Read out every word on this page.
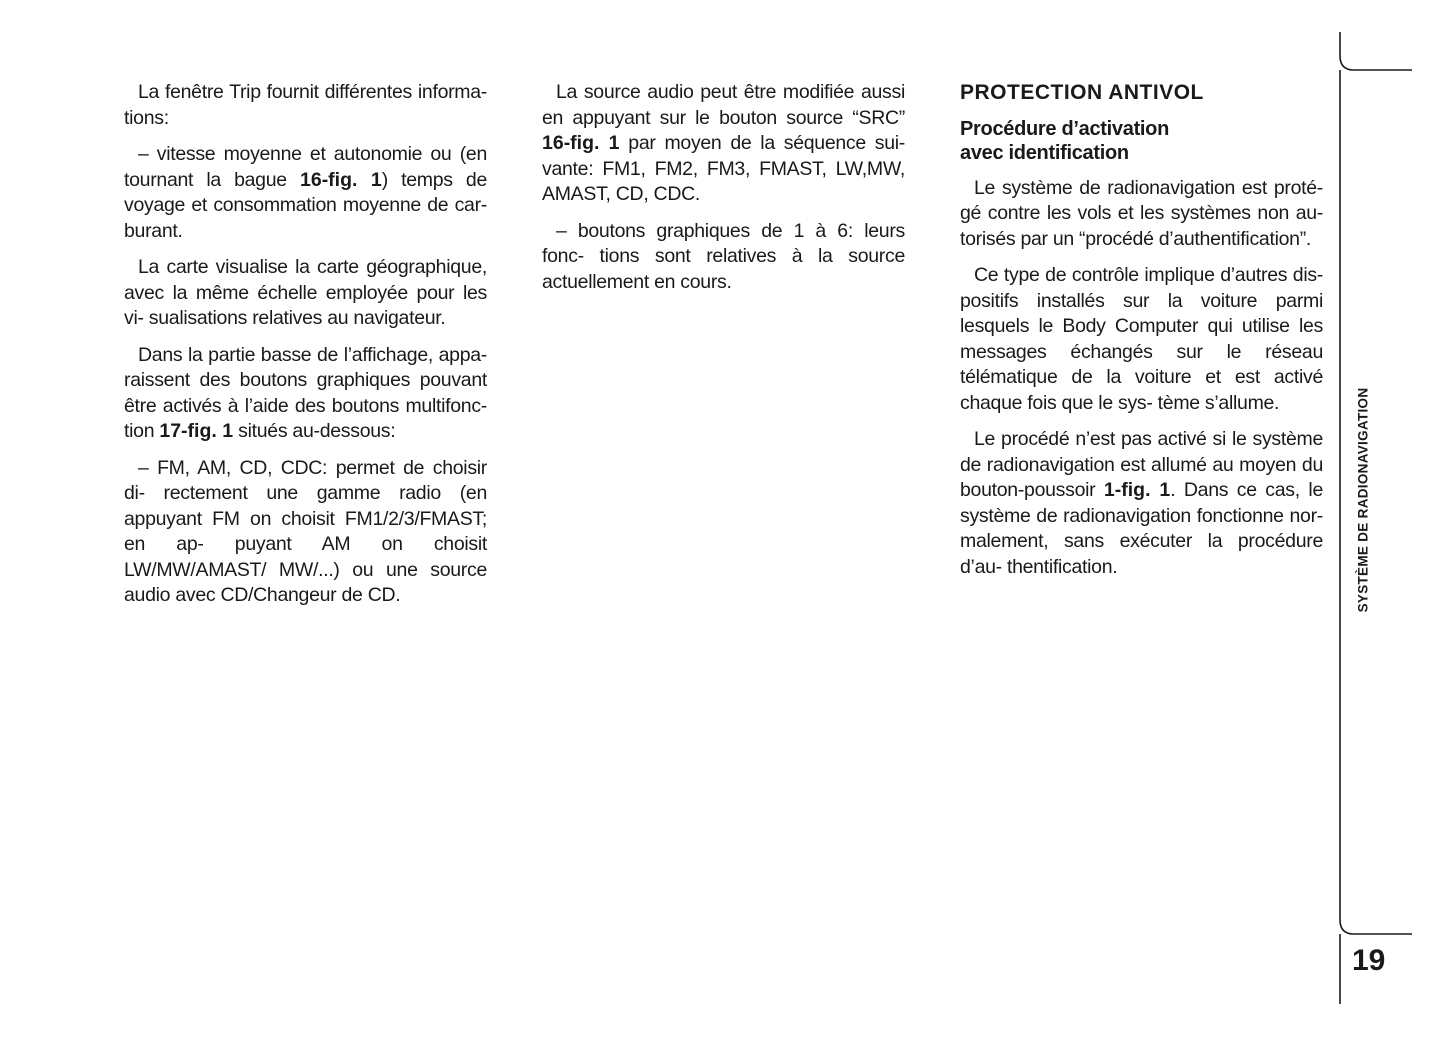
La fenêtre Trip fournit différentes informa- tions:

– vitesse moyenne et autonomie ou (en tournant la bague 16-fig. 1) temps de voyage et consommation moyenne de car- burant.

La carte visualise la carte géographique, avec la même échelle employée pour les vi- sualisations relatives au navigateur.

Dans la partie basse de l’affichage, appa- raissent des boutons graphiques pouvant être activés à l’aide des boutons multifonc- tion 17-fig. 1 situés au-dessous:

– FM, AM, CD, CDC: permet de choisir di- rectement une gamme radio (en appuyant FM on choisit FM1/2/3/FMAST; en ap- puyant AM on choisit LW/MW/AMAST/ MW/...) ou une source audio avec CD/Changeur de CD.

La source audio peut être modifiée aussi en appuyant sur le bouton source “SRC” 16-fig. 1 par moyen de la séquence sui- vante: FM1, FM2, FM3, FMAST, LW,MW, AMAST, CD, CDC.

– boutons graphiques de 1 à 6: leurs fonc- tions sont relatives à la source actuellement en cours.

PROTECTION ANTIVOL

Procédure d’activation
avec identification

Le système de radionavigation est proté- gé contre les vols et les systèmes non au- torisés par un “procédé d’authentification”.

Ce type de contrôle implique d’autres dis- positifs installés sur la voiture parmi lesquels le Body Computer qui utilise les messages échangés sur le réseau télématique de la voiture et est activé chaque fois que le sys- tème s’allume.

Le procédé n’est pas activé si le système de radionavigation est allumé au moyen du bouton-poussoir 1-fig. 1. Dans ce cas, le système de radionavigation fonctionne nor- malement, sans exécuter la procédure d’au- thentification.	SYSTÈME DE RADIONAVIGATION
19
